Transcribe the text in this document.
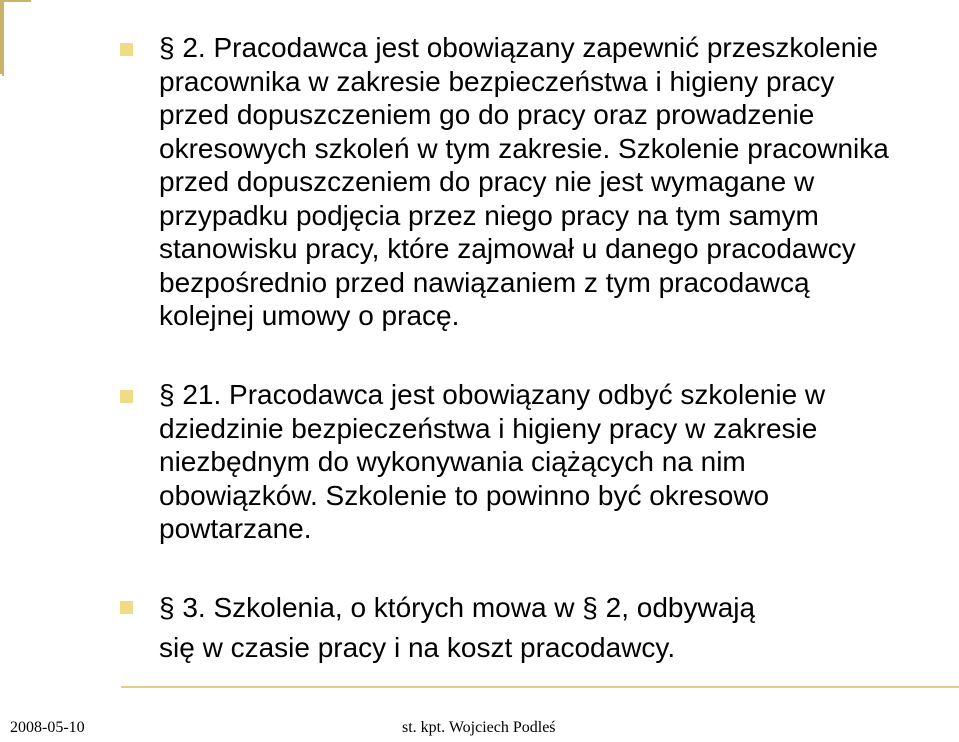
§ 2. Pracodawca jest obowiązany zapewnić przeszkolenie
pracownika w zakresie bezpieczeństwa i higieny pracy
przed dopuszczeniem go do pracy oraz prowadzenie
okresowych szkoleń w tym zakresie. Szkolenie pracownika
przed dopuszczeniem do pracy nie jest wymagane w
przypadku podjęcia przez niego pracy na tym samym
stanowisku pracy, które zajmował u danego pracodawcy
bezpośrednio przed nawiązaniem z tym pracodawcą
kolejnej umowy o pracę.

§ 21. Pracodawca jest obowiązany odbyć szkolenie w
dziedzinie bezpieczeństwa i higieny pracy w zakresie
niezbędnym do wykonywania ciążących na nim
obowiązków. Szkolenie to powinno być okresowo
powtarzane.

§ 3. Szkolenia, o których mowa w § 2, odbywają
się w czasie pracy i na koszt pracodawcy.

2008-05-10	st. kpt. Wojciech Podleś
